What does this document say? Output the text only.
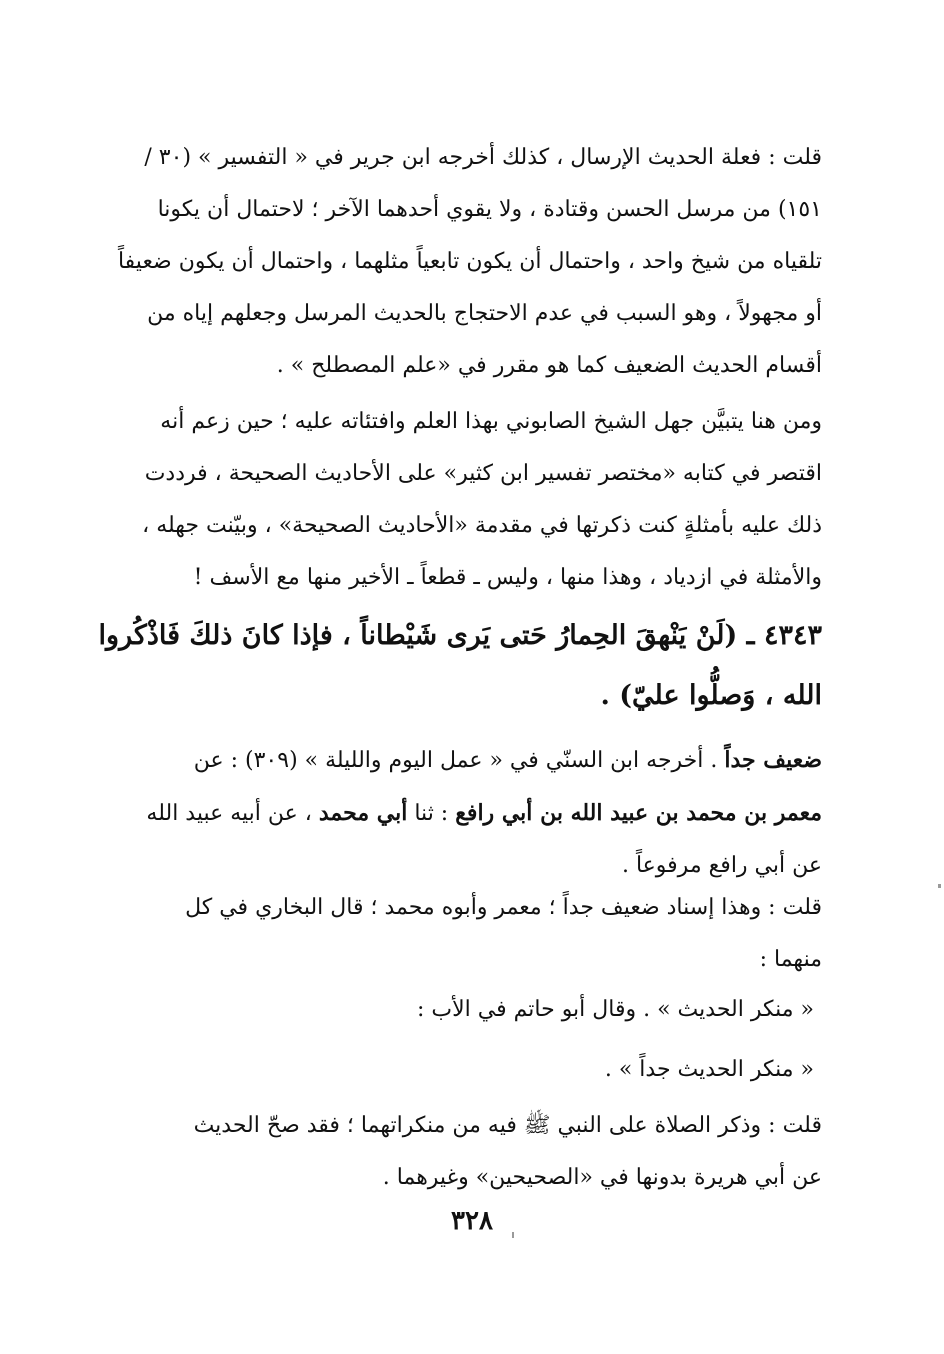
قلت : فعلة الحديث الإرسال ، كذلك أخرجه ابن جرير في « التفسير » (٣٠ /
١٥١) من مرسل الحسن وقتادة ، ولا يقوي أحدهما الآخر ؛ لاحتمال أن يكونا
تلقياه من شيخ واحد ، واحتمال أن يكون تابعياً مثلهما ، واحتمال أن يكون ضعيفاً
أو مجهولاً ، وهو السبب في عدم الاحتجاج بالحديث المرسل وجعلهم إياه من
أقسام الحديث الضعيف كما هو مقرر في «علم المصطلح » .
ومن هنا يتبيَّن جهل الشيخ الصابوني بهذا العلم وافتئاته عليه ؛ حين زعم أنه
اقتصر في كتابه «مختصر تفسير ابن كثير» على الأحاديث الصحيحة ، فرددت
ذلك عليه بأمثلةٍ كنت ذكرتها في مقدمة «الأحاديث الصحيحة» ، وبيّنت جهله ،
والأمثلة في ازدياد ، وهذا منها ، وليس ـ قطعاً ـ الأخير منها مع الأسف !
٤٣٤٣ ـ (لَنْ يَنْهقَ الحِمارُ حَتى يَرى شَيْطاناً ، فإذا كانَ ذلكَ فَاذْكُروا
الله ، وَصلُّوا عليّ) .
ضعيف جداً . أخرجه ابن السنّي في « عمل اليوم والليلة » (٣٠٩) : عن
معمر بن محمد بن عبيد الله بن أبي رافع : ثنا أبي محمد ، عن أبيه عبيد الله
عن أبي رافع مرفوعاً .
قلت : وهذا إسناد ضعيف جداً ؛ معمر وأبوه محمد ؛ قال البخاري في كل
منهما :
« منكر الحديث » . وقال أبو حاتم في الأب :
« منكر الحديث جداً » .
قلت : وذكر الصلاة على النبي ﷺ فيه من منكراتهما ؛ فقد صحّ الحديث
عن أبي هريرة بدونها في «الصحيحين» وغيرهما .
٣٢٨
